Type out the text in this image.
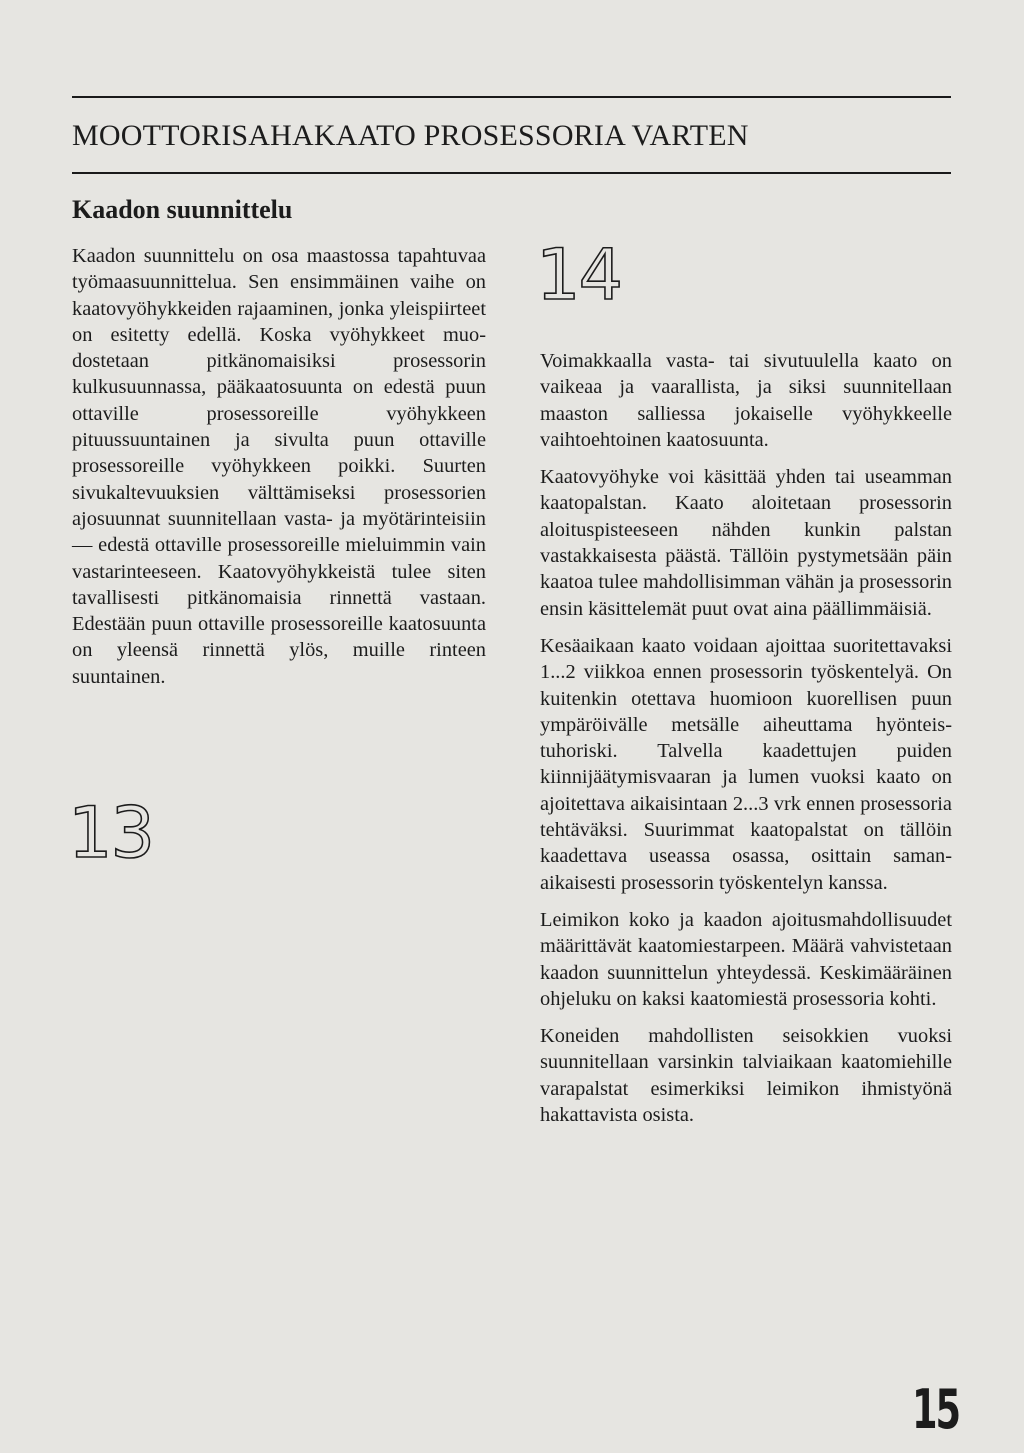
MOOTTORISAHAKAATO PROSESSORIA VARTEN
Kaadon suunnittelu

Kaadon suunnittelu on osa maastossa tapahtuvaa työmaasuunnittelua. Sen ensimmäinen vaihe on kaatovyöhykkeiden rajaaminen, jonka yleispiirteet on esitetty edellä. Koska vyöhykkeet muodostetaan pitkänomaisiksi prosessorin kulkusuunnassa, pääkaatosuunta on edestä puun ottaville prosessoreille vyöhykkeen pituussuuntainen ja sivulta puun ottaville prosessoreille vyöhykkeen poikki. Suurten sivukaltevuuksien välttämiseksi prosessorien ajosuunnat suunnitellaan vasta- ja myötärinteisiin — edestä ottaville prosessoreille mieluimmin vain vastarinteeseen. Kaatovyöhykkeistä tulee siten tavallisesti pitkänomaisia rinnettä vastaan. Edestään puun ottaville prosessoreille kaatosuunta on yleensä rinnettä ylös, muille rinteen suuntainen.

14
13

Voimakkaalla vasta- tai sivutuulella kaato on vaikeaa ja vaarallista, ja siksi suunnitellaan maaston salliessa jokaiselle vyöhykkeelle vaihtoehtoinen kaatosuunta.

Kaatovyöhyke voi käsittää yhden tai useamman kaatopalstan. Kaato aloitetaan prosessorin aloituspisteeseen nähden kunkin palstan vastakkaisesta päästä. Tällöin pystymetsään päin kaatoa tulee mahdollisimman vähän ja prosessorin ensin käsittelemät puut ovat aina päällimmäisiä.

Kesäaikaan kaato voidaan ajoittaa suoritettavaksi 1...2 viikkoa ennen prosessorin työskentelyä. On kuitenkin otettava huomioon kuorellisen puun ympäröivälle metsälle aiheuttama hyönteistuhoriski. Talvella kaadettujen puiden kiinnijäätymisvaaran ja lumen vuoksi kaato on ajoitettava aikaisintaan 2...3 vrk ennen prosessoria tehtäväksi. Suurimmat kaatopalstat on tällöin kaadettava useassa osassa, osittain samanaikaisesti prosessorin työskentelyn kanssa.

Leimikon koko ja kaadon ajoitusmahdollisuudet määrittävät kaatomiestarpeen. Määrä vahvistetaan kaadon suunnittelun yhteydessä. Keskimääräinen ohjeluku on kaksi kaatomiestä prosessoria kohti.

Koneiden mahdollisten seisokkien vuoksi suunnitellaan varsinkin talviaikaan kaatomiehille varapalstat esimerkiksi leimikon ihmistyönä hakattavista osista.

15
